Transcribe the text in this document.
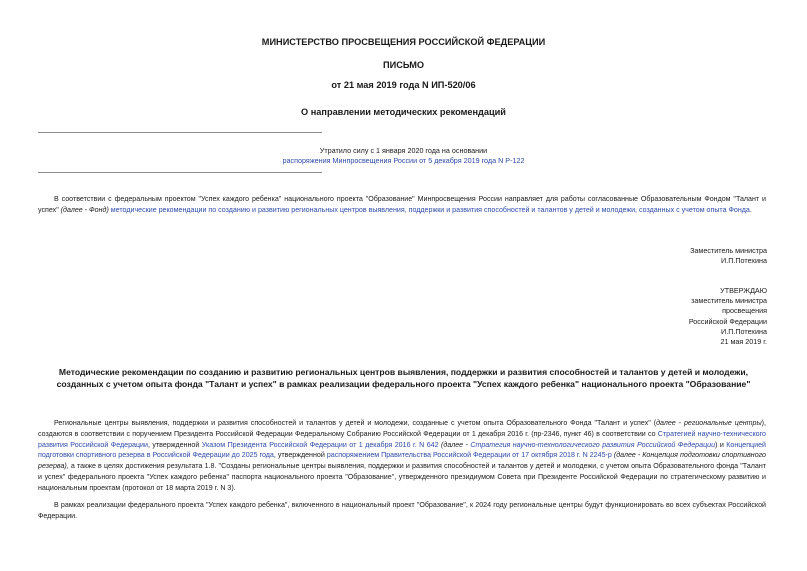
МИНИСТЕРСТВО ПРОСВЕЩЕНИЯ РОССИЙСКОЙ ФЕДЕРАЦИИ
ПИСЬМО
от 21 мая 2019 года N ИП-520/06
О направлении методических рекомендаций
Утратило силу с 1 января 2020 года на основании
распоряжения Минпросвещения России от 5 декабря 2019 года N Р-122
В соответствии с федеральным проектом "Успех каждого ребенка" национального проекта "Образование" Минпросвещения России направляет для работы согласованные Образовательным Фондом "Талант и успех" (далее - Фонд) методические рекомендации по созданию и развитию региональных центров выявления, поддержки и развития способностей и талантов у детей и молодежи, созданных с учетом опыта Фонда.
Заместитель министра
И.П.Потехина
УТВЕРЖДАЮ
заместитель министра
просвещения
Российской Федерации
И.П.Потехина
21 мая 2019 г.
Методические рекомендации по созданию и развитию региональных центров выявления, поддержки и развития способностей и талантов у детей и молодежи,
созданных с учетом опыта фонда "Талант и успех" в рамках реализации федерального проекта "Успех каждого ребенка" национального проекта "Образование"
Региональные центры выявления, поддержки и развития способностей и талантов у детей и молодежи, созданные с учетом опыта Образовательного Фонда "Талант и успех" (далее - региональные центры), создаются в соответствии с поручением Президента Российской Федерации Федеральному Собранию Российской Федерации от 1 декабря 2016 г. (пр-2346, пункт 46) в соответствии со Стратегией научно-технического развития Российской Федерации, утвержденной Указом Президента Российской Федерации от 1 декабря 2016 г. N 642 (далее - Стратегия научно-технологического развития Российской Федерации) и Концепцией подготовки спортивного резерва в Российской Федерации до 2025 года, утвержденной распоряжением Правительства Российской Федерации от 17 октября 2018 г. N 2245-р (далее - Концепция подготовки спортивного резерва), а также в целях достижения результата 1.8. "Созданы региональные центры выявления, поддержки и развития способностей и талантов у детей и молодежи, с учетом опыта Образовательного фонда "Талант и успех" федерального проекта "Успех каждого ребенка" паспорта национального проекта "Образование", утвержденного президиумом Совета при Президенте Российской Федерации по стратегическому развитию и национальным проектам (протокол от 18 марта 2019 г. N 3).
В рамках реализации федерального проекта "Успех каждого ребенка", включенного в национальный проект "Образование", к 2024 году региональные центры будут функционировать во всех субъектах Российской Федерации.
